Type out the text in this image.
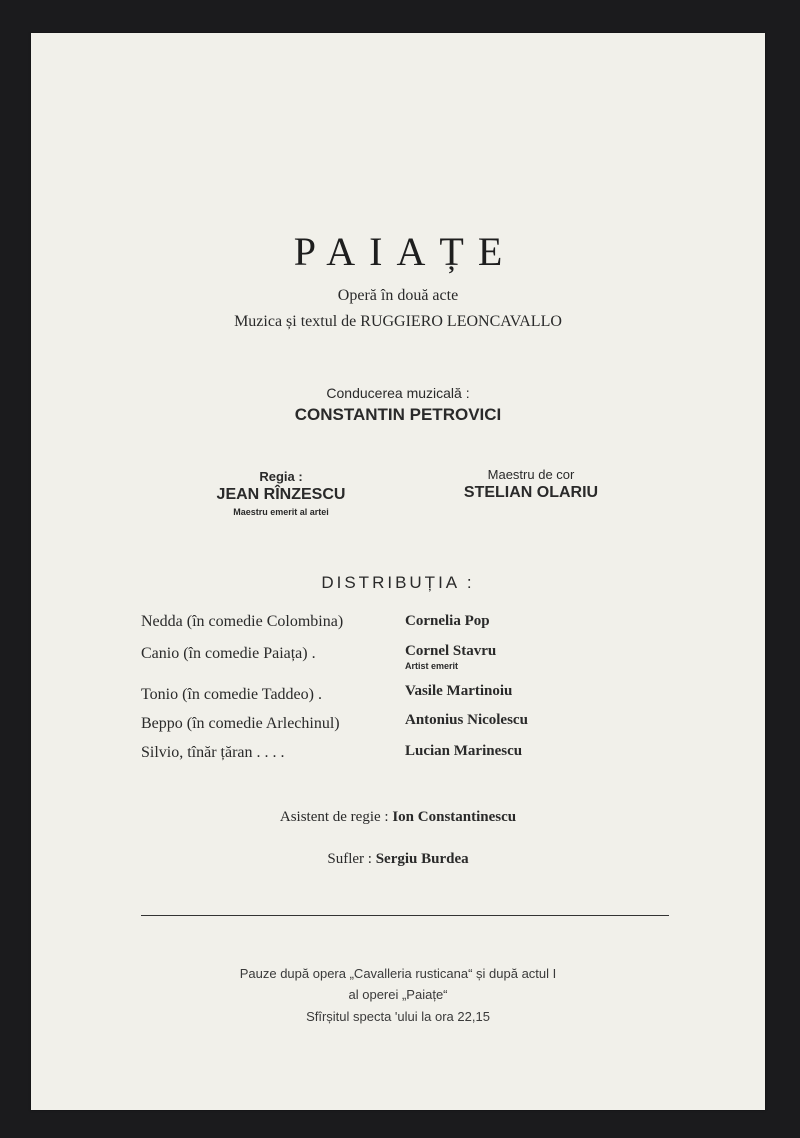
PAIAȚE
Operă în două acte
Muzica și textul de RUGGIERO LEONCAVALLO
Conducerea muzicală :
CONSTANTIN PETROVICI
Regia :
JEAN RÎNZESCU
Maestru emerit al artei
Maestru de cor
STELIAN OLARIU
DISTRIBUȚIA :
Nedda (în comedie Colombina)	Cornelia Pop
Canio (în comedie Paiața) .	Cornel Stavru
Artist emerit
Tonio (în comedie Taddeo) .	Vasile Martinoiu
Beppo (în comedie Arlechinul)	Antonius Nicolescu
Silvio, tînăr țăran . . . .	Lucian Marinescu
Asistent de regie : Ion Constantinescu
Sufler : Sergiu Burdea
Pauze după opera „Cavalleria rusticana“ și după actul I
al operei „Paiațe“
Sfîrșitul specta 'ului la ora 22,15
